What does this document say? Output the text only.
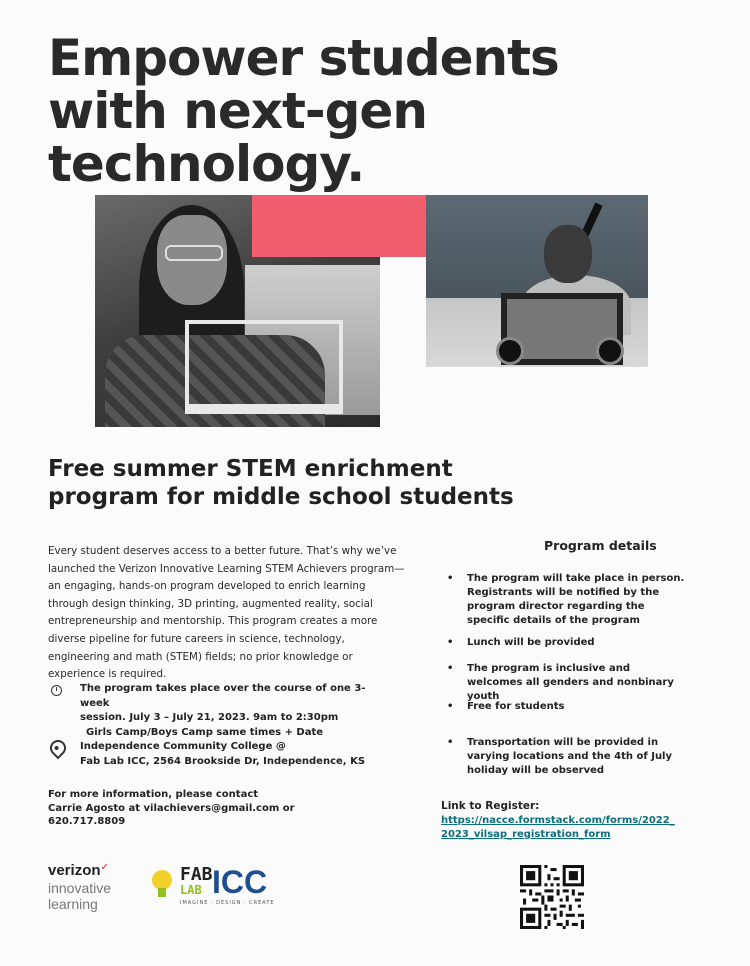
Empower students
with next-gen
technology.
Free summer STEM enrichment
program for middle school students
Every student deserves access to a better future. That’s why we’ve launched the Verizon Innovative Learning STEM Achievers program—an engaging, hands-on program developed to enrich learning through design thinking, 3D printing, augmented reality, social entrepreneurship and mentorship. This program creates a more diverse pipeline for future careers in science, technology, engineering and math (STEM) fields; no prior knowledge or experience is required.
The program takes place over the course of one 3-week
session. July 3 – July 21, 2023. 9am to 2:30pm
Girls Camp/Boys Camp same times + Date
Independence Community College @
Fab Lab ICC, 2564 Brookside Dr, Independence, KS
For more information, please contact
Carrie Agosto at vilachievers@gmail.com or 620.717.8809
Program details
• The program will take place in person. Registrants will be notified by the program director regarding the specific details of the program
• Lunch will be provided
• The program is inclusive and welcomes all genders and nonbinary youth
• Free for students
• Transportation will be provided in varying locations and the 4th of July holiday will be observed
Link to Register:
https://nacce.formstack.com/forms/2022_2023_vilsap_registration_form
verizon✓
innovative
learning
FAB
LAB ICC
IMAGINE · DESIGN · CREATE
